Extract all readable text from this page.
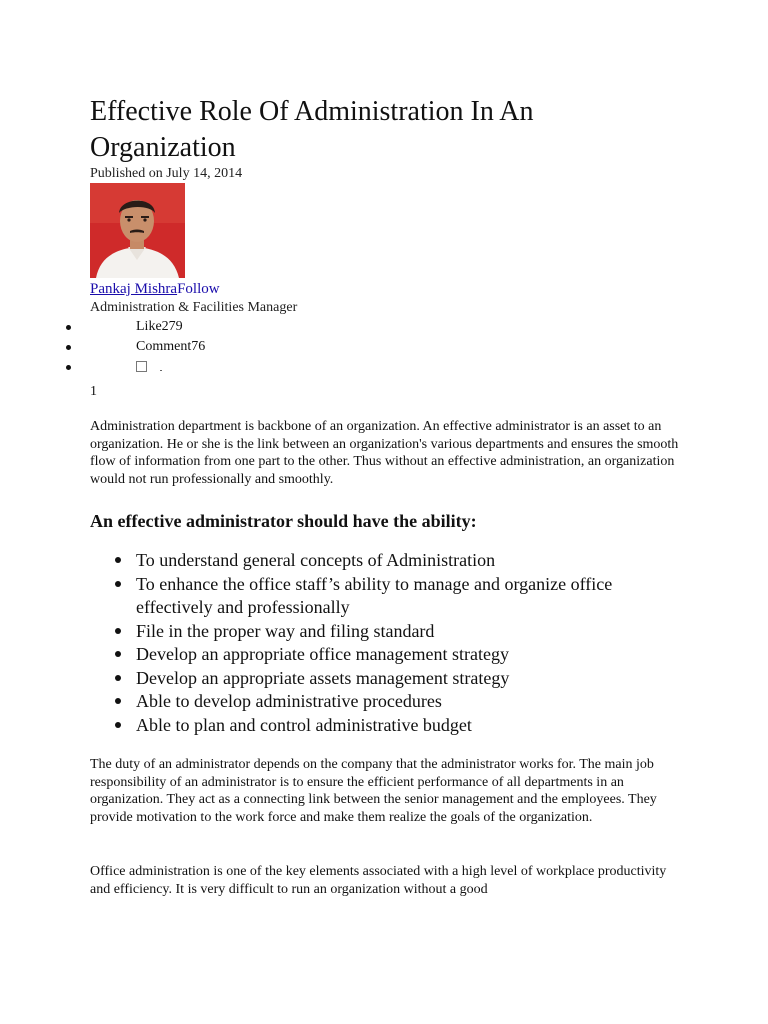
Effective Role Of Administration In An Organization
Published on July 14, 2014
Pankaj MishraFollow
Administration & Facilities Manager
Like279
Comment76
1

Administration department is backbone of an organization. An effective administrator is an asset to an organization. He or she is the link between an organization's various departments and ensures the smooth flow of information from one part to the other. Thus without an effective administration, an organization would not run professionally and smoothly.

An effective administrator should have the ability:
To understand general concepts of Administration
To enhance the office staff’s ability to manage and organize office effectively and professionally
File in the proper way and filing standard
Develop an appropriate office management strategy
Develop an appropriate assets management strategy
Able to develop administrative procedures
Able to plan and control administrative budget

The duty of an administrator depends on the company that the administrator works for. The main job responsibility of an administrator is to ensure the efficient performance of all departments in an organization. They act as a connecting link between the senior management and the employees. They provide motivation to the work force and make them realize the goals of the organization.

Office administration is one of the key elements associated with a high level of workplace productivity and efficiency. It is very difficult to run an organization without a good
